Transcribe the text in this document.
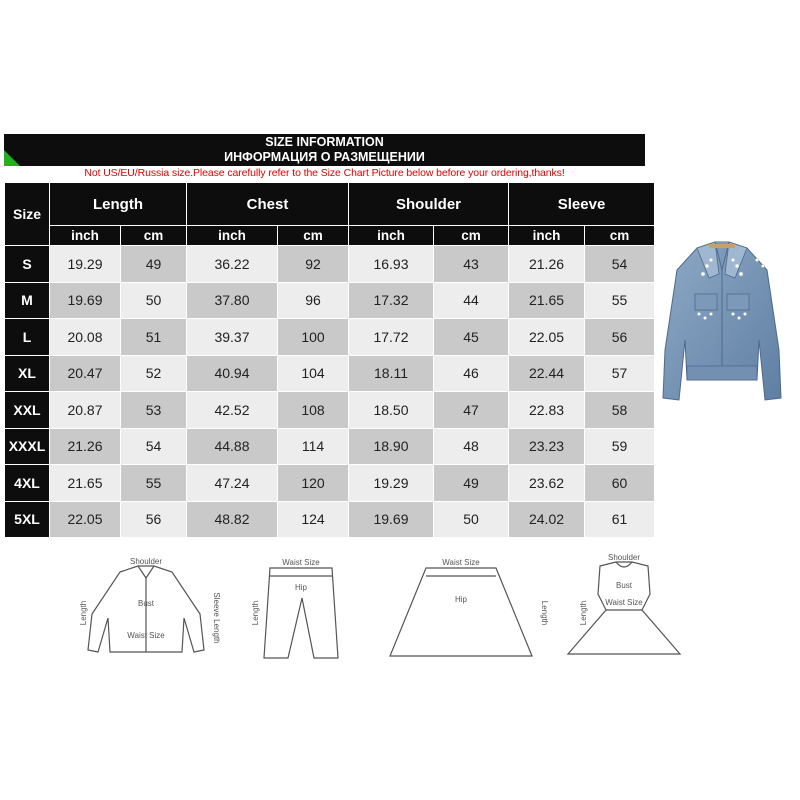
SIZE INFORMATION
ИНФОРМАЦИЯ О РАЗМЕЩЕНИИ
Not US/EU/Russia size.Please carefully refer to the Size Chart Picture below before your ordering,thanks!
Size	Length		Chest		Shoulder		Sleeve	
	inch	cm	inch	cm	inch	cm	inch	cm
S	19.29	49	36.22	92	16.93	43	21.26	54
M	19.69	50	37.80	96	17.32	44	21.65	55
L	20.08	51	39.37	100	17.72	45	22.05	56
XL	20.47	52	40.94	104	18.11	46	22.44	57
XXL	20.87	53	42.52	108	18.50	47	22.83	58
XXXL	21.26	54	44.88	114	18.90	48	23.23	59
4XL	21.65	55	47.24	120	19.29	49	23.62	60
5XL	22.05	56	48.82	124	19.69	50	24.02	61
Shoulder
Bust
Waist Size
Length	Sleeve Length
Waist Size
Hip
Length
Waist Size
Hip
Length
Shoulder
Bust
Waist Size
Length
